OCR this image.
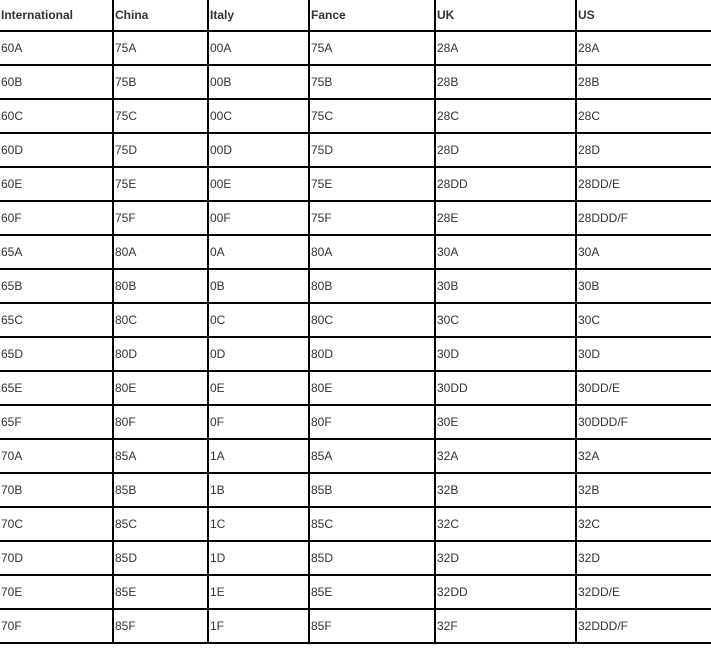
International	China	Italy	Fance	UK	US
60A	75A	00A	75A	28A	28A
60B	75B	00B	75B	28B	28B
60C	75C	00C	75C	28C	28C
60D	75D	00D	75D	28D	28D
60E	75E	00E	75E	28DD	28DD/E
60F	75F	00F	75F	28E	28DDD/F
65A	80A	0A	80A	30A	30A
65B	80B	0B	80B	30B	30B
65C	80C	0C	80C	30C	30C
65D	80D	0D	80D	30D	30D
65E	80E	0E	80E	30DD	30DD/E
65F	80F	0F	80F	30E	30DDD/F
70A	85A	1A	85A	32A	32A
70B	85B	1B	85B	32B	32B
70C	85C	1C	85C	32C	32C
70D	85D	1D	85D	32D	32D
70E	85E	1E	85E	32DD	32DD/E
70F	85F	1F	85F	32F	32DDD/F
